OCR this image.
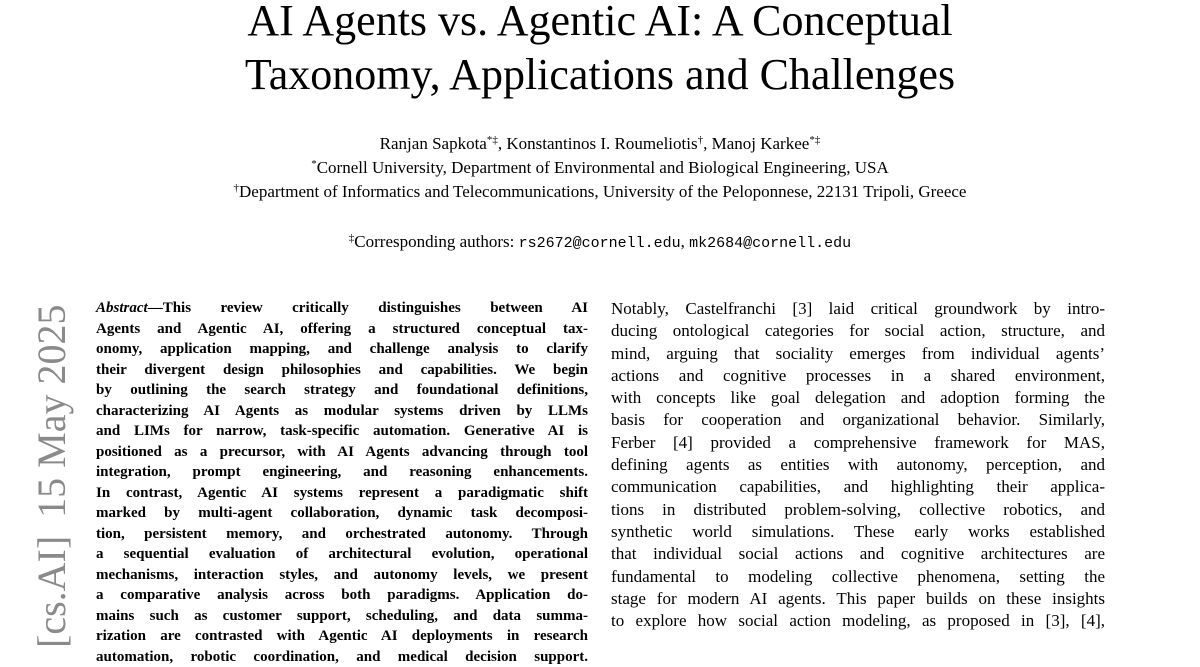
[cs.AI]15 May 2025
AI Agents vs. Agentic AI: A Conceptual
Taxonomy, Applications and Challenges
Ranjan Sapkota*‡, Konstantinos I. Roumeliotis†, Manoj Karkee*‡
*Cornell University, Department of Environmental and Biological Engineering, USA
†Department of Informatics and Telecommunications, University of the Peloponnese, 22131 Tripoli, Greece
‡Corresponding authors: rs2672@cornell.edu, mk2684@cornell.edu
Abstract—This review critically distinguishes between AI
Agents and Agentic AI, offering a structured conceptual tax-
onomy, application mapping, and challenge analysis to clarify
their divergent design philosophies and capabilities. We begin
by outlining the search strategy and foundational definitions,
characterizing AI Agents as modular systems driven by LLMs
and LIMs for narrow, task-specific automation. Generative AI is
positioned as a precursor, with AI Agents advancing through tool
integration, prompt engineering, and reasoning enhancements.
In contrast, Agentic AI systems represent a paradigmatic shift
marked by multi-agent collaboration, dynamic task decomposi-
tion, persistent memory, and orchestrated autonomy. Through
a sequential evaluation of architectural evolution, operational
mechanisms, interaction styles, and autonomy levels, we present
a comparative analysis across both paradigms. Application do-
mains such as customer support, scheduling, and data summa-
rization are contrasted with Agentic AI deployments in research
automation, robotic coordination, and medical decision support.
Notably, Castelfranchi [3] laid critical groundwork by intro-
ducing ontological categories for social action, structure, and
mind, arguing that sociality emerges from individual agents’
actions and cognitive processes in a shared environment,
with concepts like goal delegation and adoption forming the
basis for cooperation and organizational behavior. Similarly,
Ferber [4] provided a comprehensive framework for MAS,
defining agents as entities with autonomy, perception, and
communication capabilities, and highlighting their applica-
tions in distributed problem-solving, collective robotics, and
synthetic world simulations. These early works established
that individual social actions and cognitive architectures are
fundamental to modeling collective phenomena, setting the
stage for modern AI agents. This paper builds on these insights
to explore how social action modeling, as proposed in [3], [4],
